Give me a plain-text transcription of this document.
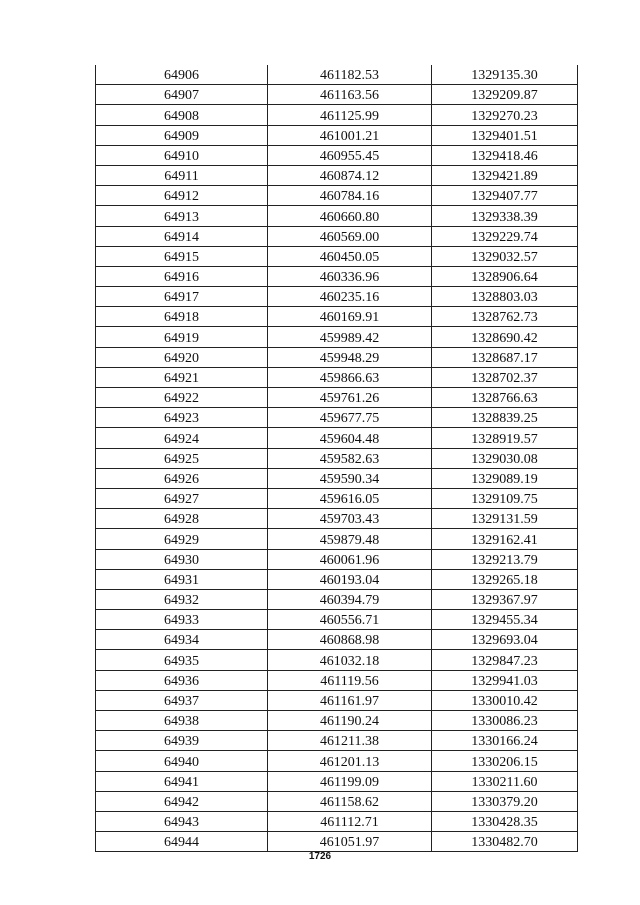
64906	461182.53	1329135.30
64907	461163.56	1329209.87
64908	461125.99	1329270.23
64909	461001.21	1329401.51
64910	460955.45	1329418.46
64911	460874.12	1329421.89
64912	460784.16	1329407.77
64913	460660.80	1329338.39
64914	460569.00	1329229.74
64915	460450.05	1329032.57
64916	460336.96	1328906.64
64917	460235.16	1328803.03
64918	460169.91	1328762.73
64919	459989.42	1328690.42
64920	459948.29	1328687.17
64921	459866.63	1328702.37
64922	459761.26	1328766.63
64923	459677.75	1328839.25
64924	459604.48	1328919.57
64925	459582.63	1329030.08
64926	459590.34	1329089.19
64927	459616.05	1329109.75
64928	459703.43	1329131.59
64929	459879.48	1329162.41
64930	460061.96	1329213.79
64931	460193.04	1329265.18
64932	460394.79	1329367.97
64933	460556.71	1329455.34
64934	460868.98	1329693.04
64935	461032.18	1329847.23
64936	461119.56	1329941.03
64937	461161.97	1330010.42
64938	461190.24	1330086.23
64939	461211.38	1330166.24
64940	461201.13	1330206.15
64941	461199.09	1330211.60
64942	461158.62	1330379.20
64943	461112.71	1330428.35
64944	461051.97	1330482.70
1726
